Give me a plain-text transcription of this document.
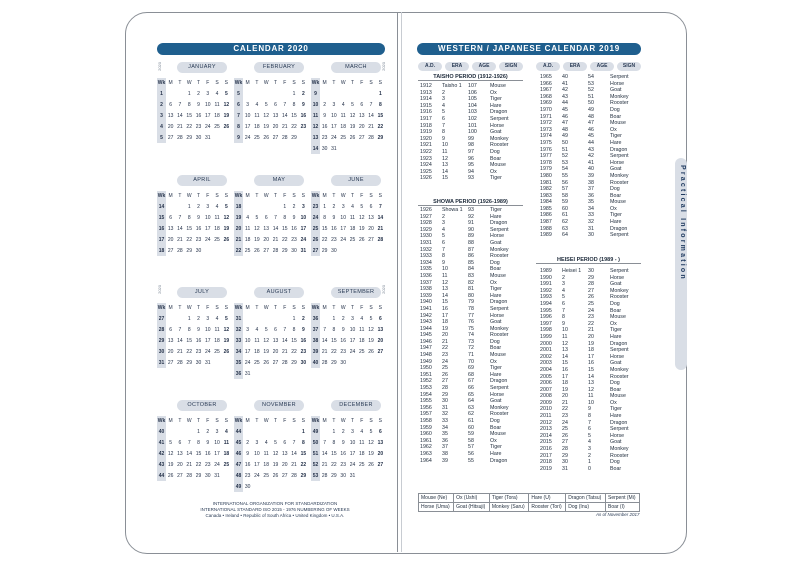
CALENDAR 2020
2020	2020
2020	2020
JANUARY
Wk	M	T	W	T	F	S	S
1			1	2	3	4	5
2	6	7	8	9	10	11	12
3	13	14	15	16	17	18	19
4	20	21	22	23	24	25	26
5	27	28	29	30	31		
FEBRUARY
Wk	M	T	W	T	F	S	S
5						1	2
6	3	4	5	6	7	8	9
7	10	11	12	13	14	15	16
8	17	18	19	20	21	22	23
9	24	25	26	27	28	29	
MARCH
Wk	M	T	W	T	F	S	S
9							1
10	2	3	4	5	6	7	8
11	9	10	11	12	13	14	15
12	16	17	18	19	20	21	22
13	23	24	25	26	27	28	29
14	30	31					
APRIL
Wk	M	T	W	T	F	S	S
14			1	2	3	4	5
15	6	7	8	9	10	11	12
16	13	14	15	16	17	18	19
17	20	21	22	23	24	25	26
18	27	28	29	30			
MAY
Wk	M	T	W	T	F	S	S
18					1	2	3
19	4	5	6	7	8	9	10
20	11	12	13	14	15	16	17
21	18	19	20	21	22	23	24
22	25	26	27	28	29	30	31
JUNE
Wk	M	T	W	T	F	S	S
23	1	2	3	4	5	6	7
24	8	9	10	11	12	13	14
25	15	16	17	18	19	20	21
26	22	23	24	25	26	27	28
27	29	30					
JULY
Wk	M	T	W	T	F	S	S
27			1	2	3	4	5
28	6	7	8	9	10	11	12
29	13	14	15	16	17	18	19
30	20	21	22	23	24	25	26
31	27	28	29	30	31		
AUGUST
Wk	M	T	W	T	F	S	S
31						1	2
32	3	4	5	6	7	8	9
33	10	11	12	13	14	15	16
34	17	18	19	20	21	22	23
35	24	25	26	27	28	29	30
36	31						
SEPTEMBER
Wk	M	T	W	T	F	S	S
36		1	2	3	4	5	6
37	7	8	9	10	11	12	13
38	14	15	16	17	18	19	20
39	21	22	23	24	25	26	27
40	28	29	30				
OCTOBER
Wk	M	T	W	T	F	S	S
40				1	2	3	4
41	5	6	7	8	9	10	11
42	12	13	14	15	16	17	18
43	19	20	21	22	23	24	25
44	26	27	28	29	30	31	
NOVEMBER
Wk	M	T	W	T	F	S	S
44							1
45	2	3	4	5	6	7	8
46	9	10	11	12	13	14	15
47	16	17	18	19	20	21	22
48	23	24	25	26	27	28	29
49	30						
DECEMBER
Wk	M	T	W	T	F	S	S
49		1	2	3	4	5	6
50	7	8	9	10	11	12	13
51	14	15	16	17	18	19	20
52	21	22	23	24	25	26	27
53	28	29	30	31			
INTERNATIONAL ORGANIZATION FOR STANDARDIZATION
INTERNATIONAL STANDARD ISO 2015 - 1976 NUMBERING OF WEEKS
Canada • Ireland • Republic of South Africa • United Kingdom • U.S.A.
WESTERN / JAPANESE CALENDAR 2019
A.D.	ERA	AGE	SIGN	A.D.	ERA	AGE	SIGN
TAISHO PERIOD (1912-1926)
1912	Taisho 1	107	Mouse
1913	2	106	Ox
1914	3	105	Tiger
1915	4	104	Hare
1916	5	103	Dragon
1917	6	102	Serpent
1918	7	101	Horse
1919	8	100	Goat
1920	9	99	Monkey
1921	10	98	Rooster
1922	11	97	Dog
1923	12	96	Boar
1924	13	95	Mouse
1925	14	94	Ox
1926	15	93	Tiger
SHOWA PERIOD (1926-1989)
1926	Showa 1	93	Tiger
1927	2	92	Hare
1928	3	91	Dragon
1929	4	90	Serpent
1930	5	89	Horse
1931	6	88	Goat
1932	7	87	Monkey
1933	8	86	Rooster
1934	9	85	Dog
1935	10	84	Boar
1936	11	83	Mouse
1937	12	82	Ox
1938	13	81	Tiger
1939	14	80	Hare
1940	15	79	Dragon
1941	16	78	Serpent
1942	17	77	Horse
1943	18	76	Goat
1944	19	75	Monkey
1945	20	74	Rooster
1946	21	73	Dog
1947	22	72	Boar
1948	23	71	Mouse
1949	24	70	Ox
1950	25	69	Tiger
1951	26	68	Hare
1952	27	67	Dragon
1953	28	66	Serpent
1954	29	65	Horse
1955	30	64	Goat
1956	31	63	Monkey
1957	32	62	Rooster
1958	33	61	Dog
1959	34	60	Boar
1960	35	59	Mouse
1961	36	58	Ox
1962	37	57	Tiger
1963	38	56	Hare
1964	39	55	Dragon
1965	40	54	Serpent
1966	41	53	Horse
1967	42	52	Goat
1968	43	51	Monkey
1969	44	50	Rooster
1970	45	49	Dog
1971	46	48	Boar
1972	47	47	Mouse
1973	48	46	Ox
1974	49	45	Tiger
1975	50	44	Hare
1976	51	43	Dragon
1977	52	42	Serpent
1978	53	41	Horse
1979	54	40	Goat
1980	55	39	Monkey
1981	56	38	Rooster
1982	57	37	Dog
1983	58	36	Boar
1984	59	35	Mouse
1985	60	34	Ox
1986	61	33	Tiger
1987	62	32	Hare
1988	63	31	Dragon
1989	64	30	Serpent
HEISEI PERIOD (1989 - )
1989	Heisei 1	30	Serpent
1990	2	29	Horse
1991	3	28	Goat
1992	4	27	Monkey
1993	5	26	Rooster
1994	6	25	Dog
1995	7	24	Boar
1996	8	23	Mouse
1997	9	22	Ox
1998	10	21	Tiger
1999	11	20	Hare
2000	12	19	Dragon
2001	13	18	Serpent
2002	14	17	Horse
2003	15	16	Goat
2004	16	15	Monkey
2005	17	14	Rooster
2006	18	13	Dog
2007	19	12	Boar
2008	20	11	Mouse
2009	21	10	Ox
2010	22	9	Tiger
2011	23	8	Hare
2012	24	7	Dragon
2013	25	6	Serpent
2014	26	5	Horse
2015	27	4	Goat
2016	28	3	Monkey
2017	29	2	Rooster
2018	30	1	Dog
2019	31	0	Boar
Mouse (Ne)	Ox (Ushi)	Tiger (Tora)	Hare (U)	Dragon (Tatsu)	Serpent (Mi)
Horse (Uma)	Goat (Hitsuji)	Monkey (Saru)	Rooster (Tori)	Dog (Inu)	Boar (I)
As of November 2017
Practical Information
